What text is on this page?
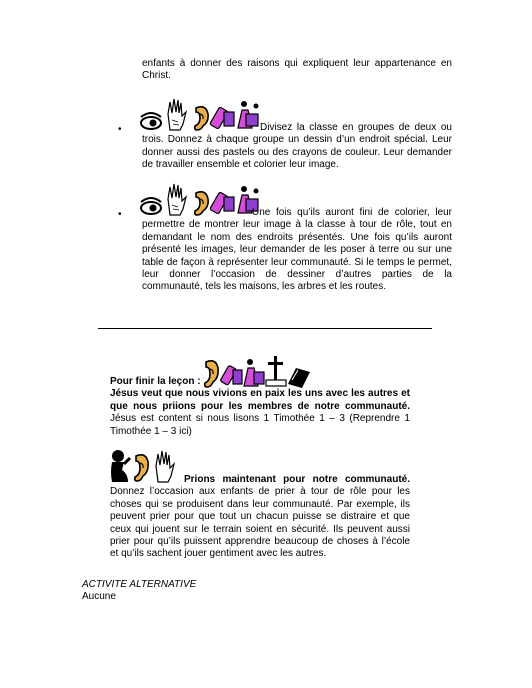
enfants à donner des raisons qui expliquent leur appartenance en Christ.

•	Divisez la classe en groupes de deux ou trois. Donnez à chaque groupe un dessin d’un endroit spécial. Leur donner aussi des pastels ou des crayons de couleur. Leur demander de travailler ensemble et colorier leur image.

•	Une fois qu’ils auront fini de colorier, leur permettre de montrer leur image à la classe à tour de rôle, tout en demandant le nom des endroits présentés. Une fois qu’ils auront présenté les images, leur demander de les poser à terre ou sur une table de façon à représenter leur communauté. Si le temps le permet, leur donner l’occasion de dessiner d’autres parties de la communauté, tels les maisons, les arbres et les routes.

Pour finir la leçon :
Jésus veut que nous vivions en paix les uns avec les autres et que nous priions pour les membres de notre communauté. Jésus est content si nous lisons 1 Timothée 1 – 3 (Reprendre 1 Timothée 1 – 3 ici)

Prions maintenant pour notre communauté. Donnez l’occasion aux enfants de prier à tour de rôle pour les choses qui se produisent dans leur communauté. Par exemple, ils peuvent prier pour que tout un chacun puisse se distraire et que ceux qui jouent sur le terrain soient en sécurité. Ils peuvent aussi prier pour qu’ils puissent apprendre beaucoup de choses à l’école et qu’ils sachent jouer gentiment avec les autres.

ACTIVITE ALTERNATIVE
Aucune
